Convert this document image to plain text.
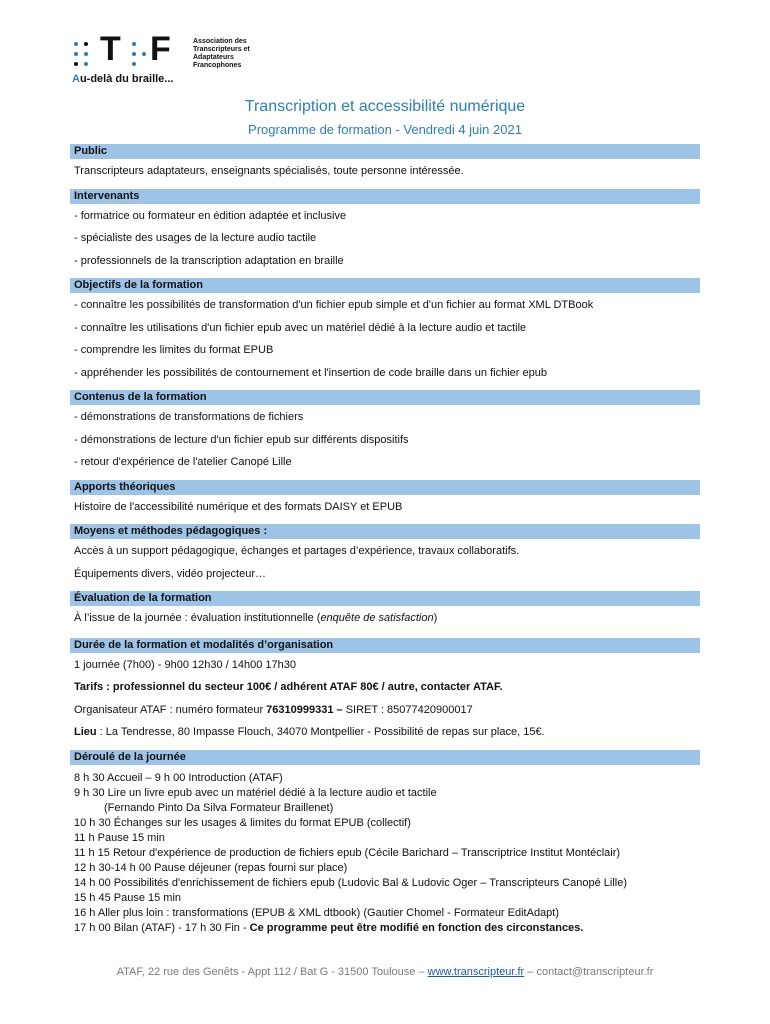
T F	Association des
Transcripteurs et
Adaptateurs
Francophones
Au-delà du braille...
Transcription et accessibilité numérique
Programme de formation - Vendredi 4 juin 2021
Public
Transcripteurs adaptateurs, enseignants spécialisés, toute personne intéressée.
Intervenants
- formatrice ou formateur en édition adaptée et inclusive
- spécialiste des usages de la lecture audio tactile
- professionnels de la transcription adaptation en braille
Objectifs de la formation
- connaître les possibilités de transformation d'un fichier epub simple et d'un fichier au format XML DTBook
- connaître les utilisations d'un fichier epub avec un matériel dédié à la lecture audio et tactile
- comprendre les limites du format EPUB
- appréhender les possibilités de contournement et l'insertion de code braille dans un fichier epub
Contenus de la formation
- démonstrations de transformations de fichiers
- démonstrations de lecture d'un fichier epub sur différents dispositifs
- retour d'expérience de l'atelier Canopé Lille
Apports théoriques
Histoire de l'accessibilité numérique et des formats DAISY et EPUB
Moyens et méthodes pédagogiques :
Accès à un support pédagogique, échanges et partages d’expérience, travaux collaboratifs.
Équipements divers, vidéo projecteur…
Évaluation de la formation
À l’issue de la journée : évaluation institutionnelle (enquête de satisfaction)
Durée de la formation et modalités d’organisation
1 journée (7h00) - 9h00 12h30 / 14h00 17h30
Tarifs : professionnel du secteur 100€ / adhérent ATAF 80€ / autre, contacter ATAF.
Organisateur ATAF : numéro formateur 76310999331 – SIRET : 85077420900017
Lieu : La Tendresse, 80 Impasse Flouch, 34070 Montpellier - Possibilité de repas sur place, 15€.
Déroulé de la journée
8 h 30 Accueil – 9 h 00 Introduction (ATAF)
9 h 30 Lire un livre epub avec un matériel dédié à la lecture audio et tactile
(Fernando Pinto Da Silva Formateur Braillenet)
10 h 30 Échanges sur les usages & limites du format EPUB (collectif)
11 h Pause 15 min
11 h 15 Retour d'expérience de production de fichiers epub (Cécile Barichard – Transcriptrice Institut Montéclair)
12 h 30-14 h 00 Pause déjeuner (repas fourni sur place)
14 h 00 Possibilités d'enrichissement de fichiers epub (Ludovic Bal & Ludovic Oger – Transcripteurs Canopé Lille)
15 h 45 Pause 15 min
16 h Aller plus loin : transformations (EPUB & XML dtbook) (Gautier Chomel - Formateur EditAdapt)
17 h 00 Bilan (ATAF) - 17 h 30 Fin - Ce programme peut être modifié en fonction des circonstances.
ATAF, 22 rue des Genêts - Appt 112 / Bat G - 31500 Toulouse – www.transcripteur.fr – contact@transcripteur.fr
